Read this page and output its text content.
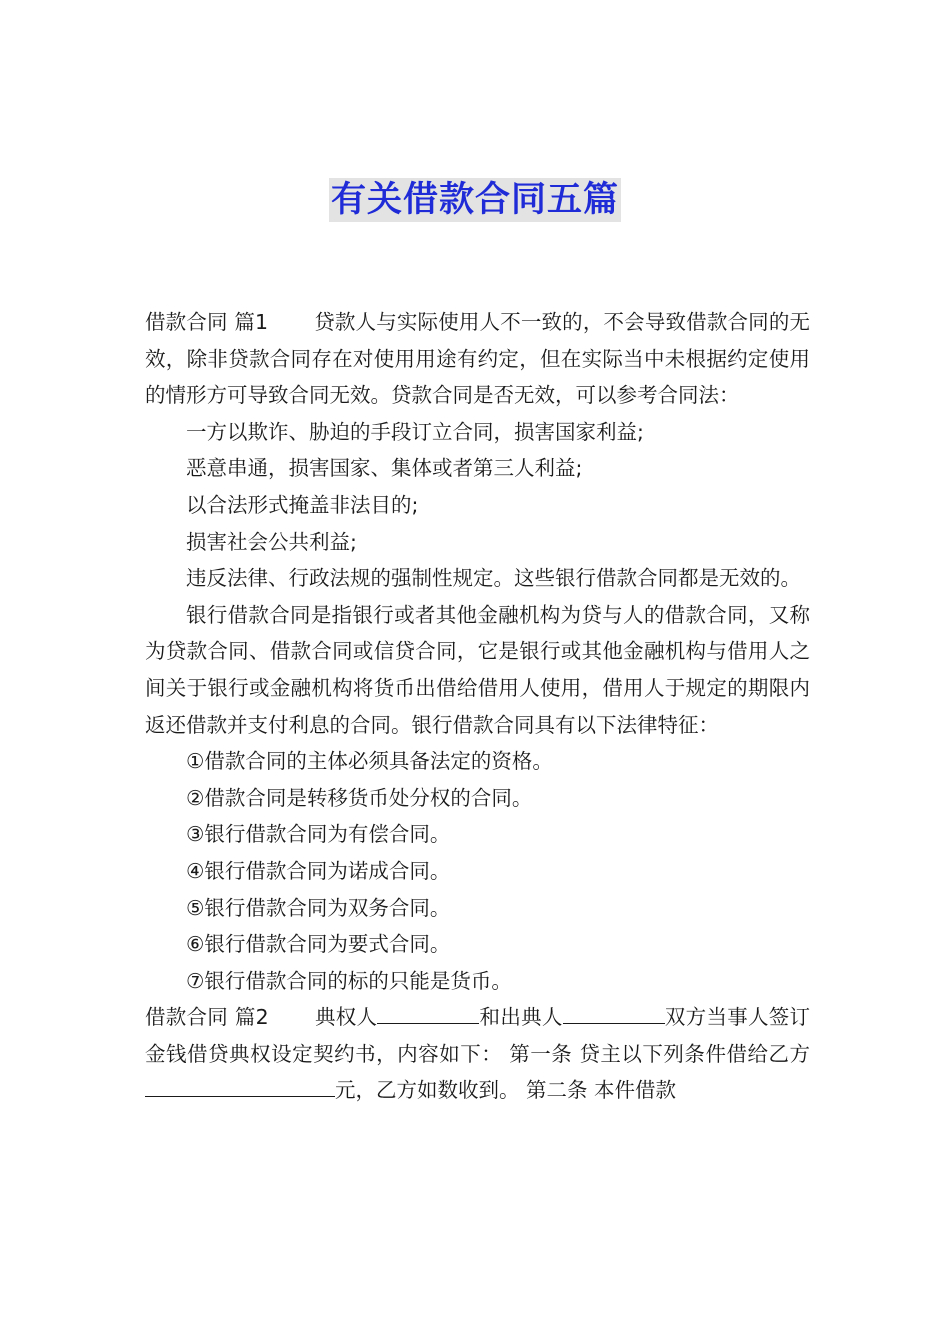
有关借款合同五篇

借款合同 篇1 贷款人与实际使用人不一致的，不会导致借款合同的无效，除非贷款合同存在对使用用途有约定，但在实际当中未根据约定使用的情形方可导致合同无效。贷款合同是否无效，可以参考合同法：

一方以欺诈、胁迫的手段订立合同，损害国家利益;

恶意串通，损害国家、集体或者第三人利益;

以合法形式掩盖非法目的;

损害社会公共利益;

违反法律、行政法规的强制性规定。这些银行借款合同都是无效的。

银行借款合同是指银行或者其他金融机构为贷与人的借款合同，又称为贷款合同、借款合同或信贷合同，它是银行或其他金融机构与借用人之间关于银行或金融机构将货币出借给借用人使用，借用人于规定的期限内返还借款并支付利息的合同。银行借款合同具有以下法律特征：

①借款合同的主体必须具备法定的资格。

②借款合同是转移货币处分权的合同。

③银行借款合同为有偿合同。

④银行借款合同为诺成合同。

⑤银行借款合同为双务合同。

⑥银行借款合同为要式合同。

⑦银行借款合同的标的只能是货币。

借款合同 篇2 典权人	和出典人	双方当事人签订金钱借贷典权设定契约书，内容如下： 第一条 贷主以下列条件借给乙方元，乙方如数收到。 第二条 本件借款
